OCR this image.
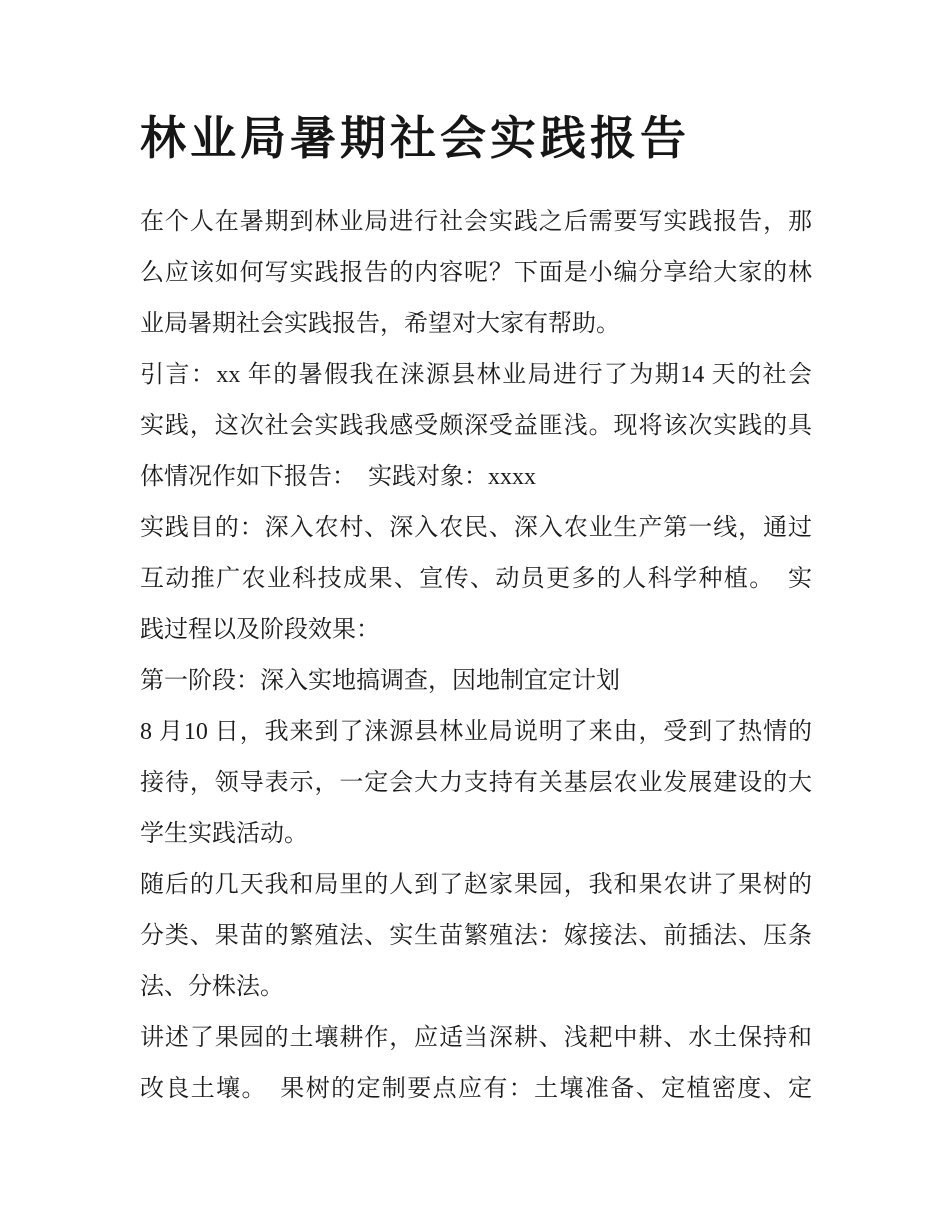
林业局暑期社会实践报告
在个人在暑期到林业局进行社会实践之后需要写实践报告，那
么应该如何写实践报告的内容呢？下面是小编分享给大家的林
业局暑期社会实践报告，希望对大家有帮助。
引言：xx 年的暑假我在涞源县林业局进行了为期14 天的社会
实践，这次社会实践我感受颇深受益匪浅。现将该次实践的具
体情况作如下报告：　实践对象：xxxx
实践目的：深入农村、深入农民、深入农业生产第一线，通过
互动推广农业科技成果、宣传、动员更多的人科学种植。　实
践过程以及阶段效果：
第一阶段：深入实地搞调查，因地制宜定计划
8 月10 日，我来到了涞源县林业局说明了来由，受到了热情的
接待，领导表示，一定会大力支持有关基层农业发展建设的大
学生实践活动。
随后的几天我和局里的人到了赵家果园，我和果农讲了果树的
分类、果苗的繁殖法、实生苗繁殖法：嫁接法、前插法、压条
法、分株法。
讲述了果园的土壤耕作，应适当深耕、浅耙中耕、水土保持和
改良土壤。　果树的定制要点应有：土壤准备、定植密度、定
